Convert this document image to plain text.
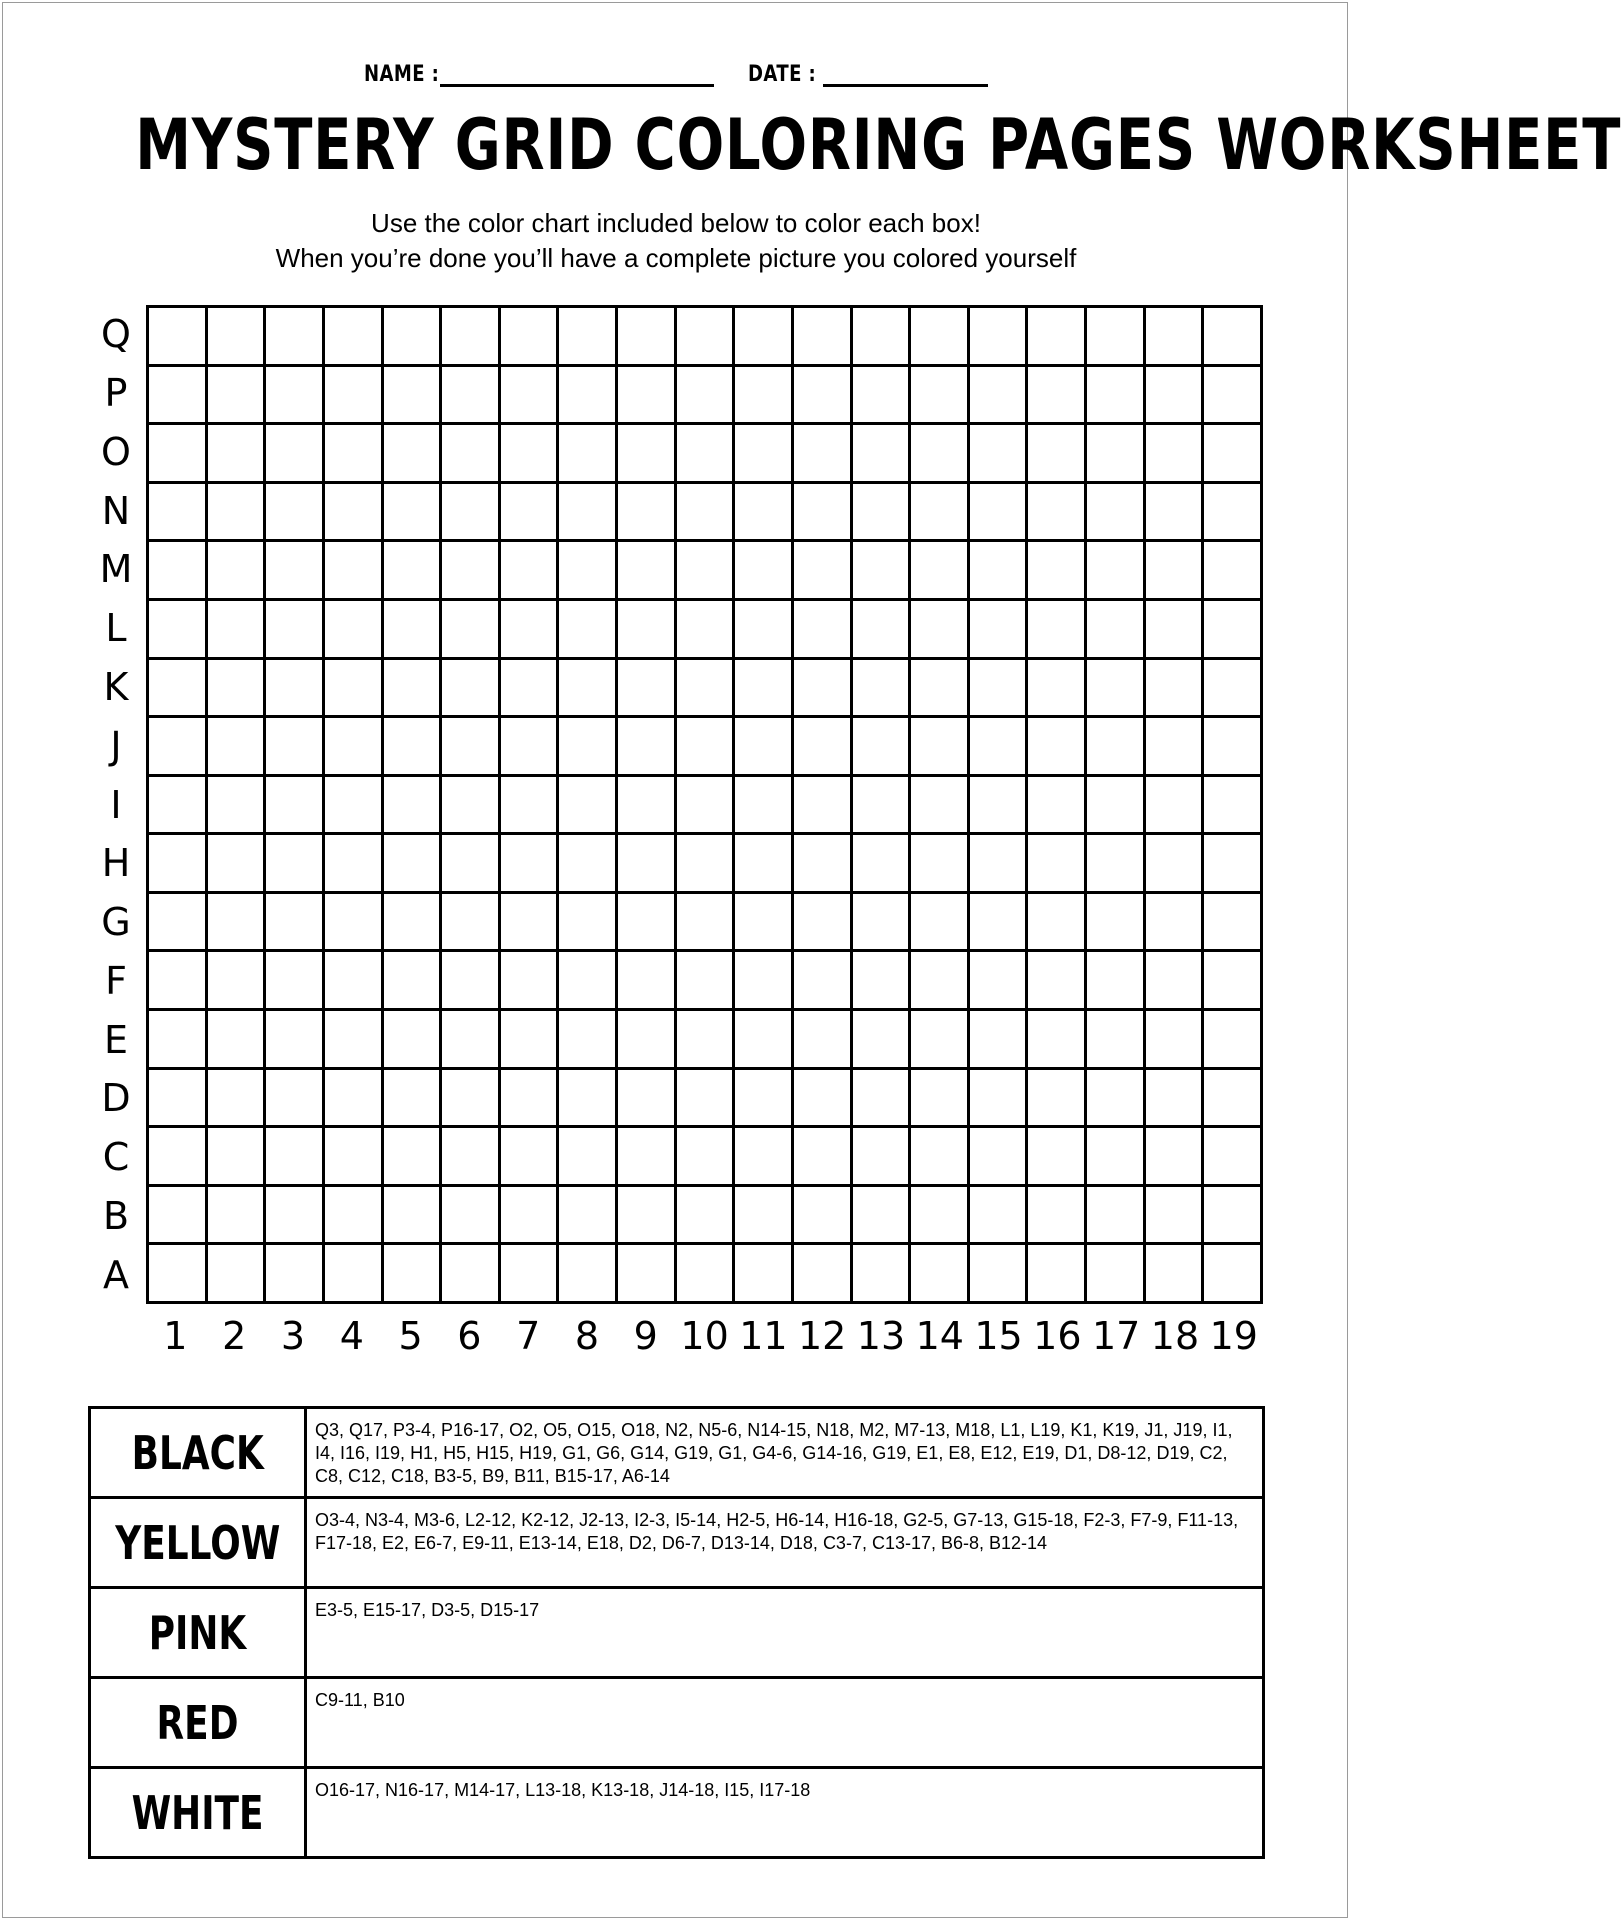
NAME :	DATE :
MYSTERY GRID COLORING PAGES WORKSHEET
Use the color chart included below to color each box!
When you’re done you’ll have a complete picture you colored yourself
Q
P
O
N
M
L
K
J
I
H
G
F
E
D
C
B
A
1 2 3 4 5 6 7 8 9 10 11 12 13 14 15 16 17 18 19
BLACK	Q3, Q17, P3-4, P16-17, O2, O5, O15, O18, N2, N5-6, N14-15, N18, M2, M7-13, M18, L1, L19, K1, K19, J1, J19, I1, I4, I16, I19, H1, H5, H15, H19, G1, G6, G14, G19, G1, G4-6, G14-16, G19, E1, E8, E12, E19, D1, D8-12, D19, C2, C8, C12, C18, B3-5, B9, B11, B15-17, A6-14
YELLOW	O3-4, N3-4, M3-6, L2-12, K2-12, J2-13, I2-3, I5-14, H2-5, H6-14, H16-18, G2-5, G7-13, G15-18, F2-3, F7-9, F11-13, F17-18, E2, E6-7, E9-11, E13-14, E18, D2, D6-7, D13-14, D18, C3-7, C13-17, B6-8, B12-14
PINK	E3-5, E15-17, D3-5, D15-17
RED	C9-11, B10
WHITE	O16-17, N16-17, M14-17, L13-18, K13-18, J14-18, I15, I17-18
